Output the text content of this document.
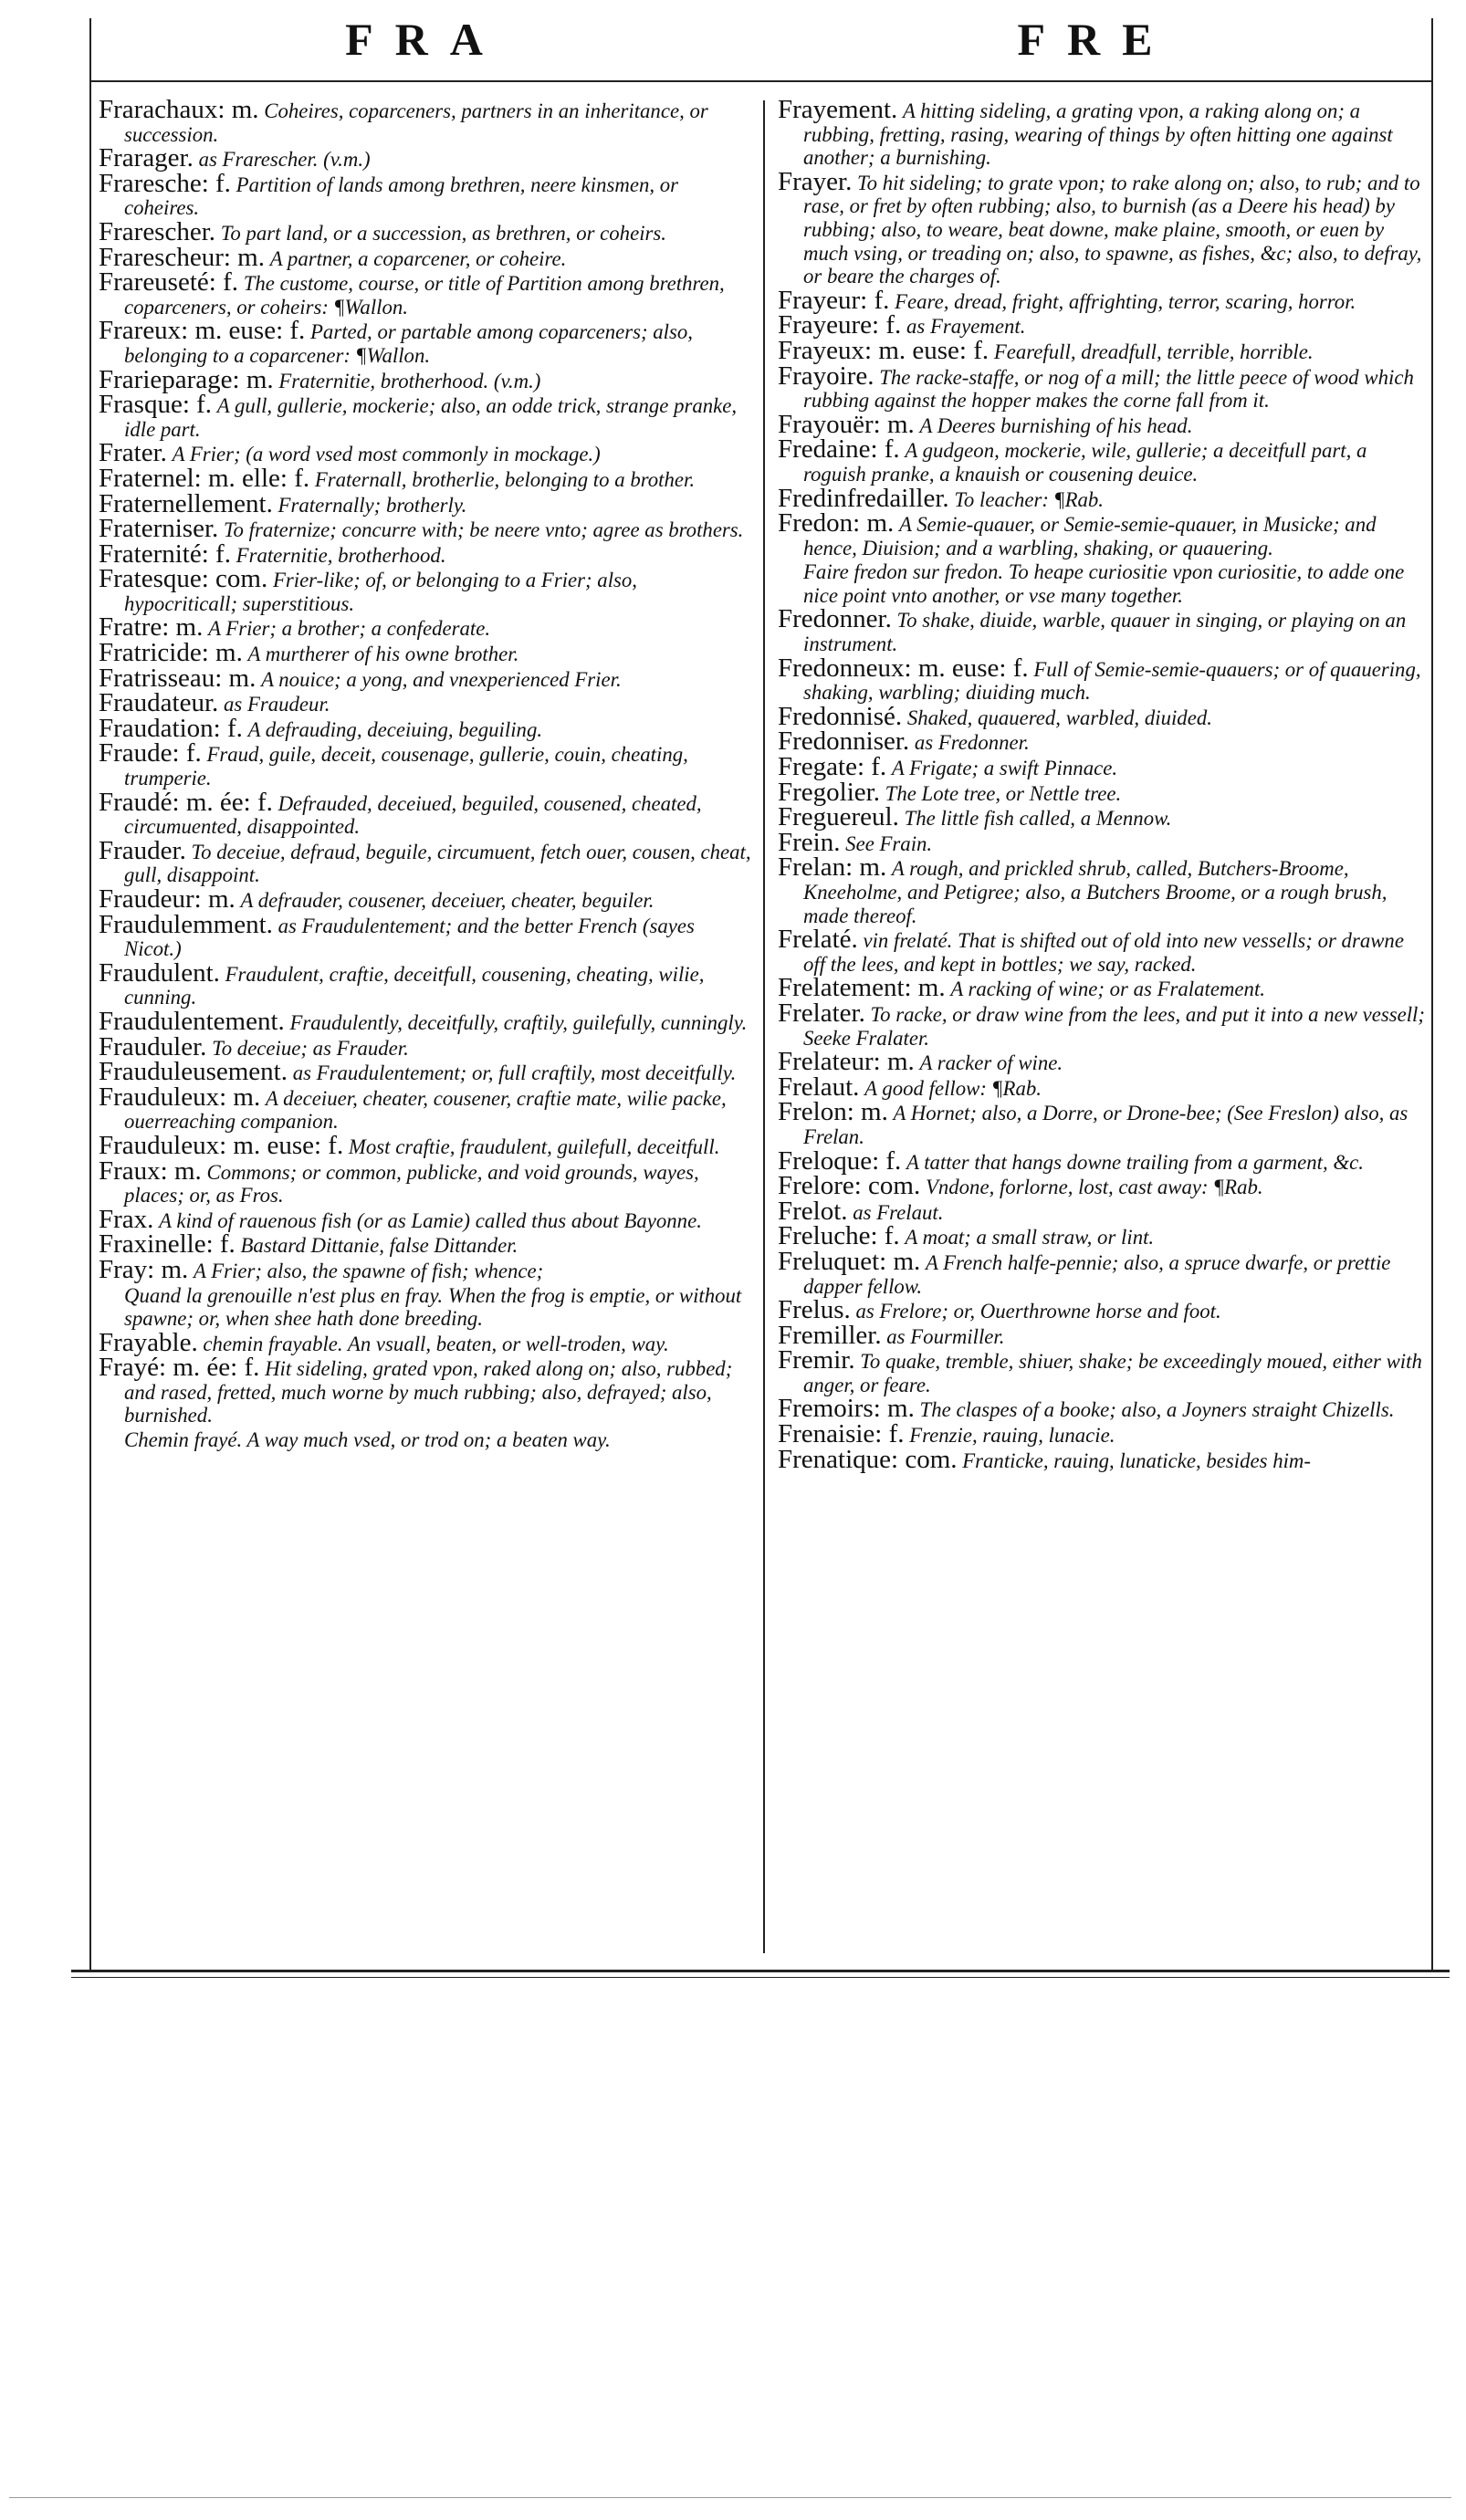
FRA	FRE
Frarachaux: m. Coheires, coparceners, partners in an inheritance, or succession.
Frarager. as Frarescher. (v.m.)
Fraresche: f. Partition of lands among brethren, neere kinsmen, or coheires.
Frarescher. To part land, or a succession, as brethren, or coheirs.
Frarescheur: m. A partner, a coparcener, or coheire.
Frareuseté: f. The custome, course, or title of Partition among brethren, coparceners, or coheirs: ¶Wallon.
Frareux: m. euse: f. Parted, or partable among coparceners; also, belonging to a coparcener: ¶Wallon.
Frarieparage: m. Fraternitie, brotherhood. (v.m.)
Frasque: f. A gull, gullerie, mockerie; also, an odde trick, strange pranke, idle part.
Frater. A Frier; (a word vsed most commonly in mockage.)
Fraternel: m. elle: f. Fraternall, brotherlie, belonging to a brother.
Fraternellement. Fraternally; brotherly.
Fraterniser. To fraternize; concurre with; be neere vnto; agree as brothers.
Fraternité: f. Fraternitie, brotherhood.
Fratesque: com. Frier-like; of, or belonging to a Frier; also, hypocriticall; superstitious.
Fratre: m. A Frier; a brother; a confederate.
Fratricide: m. A murtherer of his owne brother.
Fratrisseau: m. A nouice; a yong, and vnexperienced Frier.
Fraudateur. as Fraudeur.
Fraudation: f. A defrauding, deceiuing, beguiling.
Fraude: f. Fraud, guile, deceit, cousenage, gullerie, couin, cheating, trumperie.
Fraudé: m. ée: f. Defrauded, deceiued, beguiled, cousened, cheated, circumuented, disappointed.
Frauder. To deceiue, defraud, beguile, circumuent, fetch ouer, cousen, cheat, gull, disappoint.
Fraudeur: m. A defrauder, cousener, deceiuer, cheater, beguiler.
Fraudulemment. as Fraudulentement; and the better French (sayes Nicot.)
Fraudulent. Fraudulent, craftie, deceitfull, cousening, cheating, wilie, cunning.
Fraudulentement. Fraudulently, deceitfully, craftily, guilefully, cunningly.
Frauduler. To deceiue; as Frauder.
Frauduleusement. as Fraudulentement; or, full craftily, most deceitfully.
Frauduleux: m. A deceiuer, cheater, cousener, craftie mate, wilie packe, ouerreaching companion.
Frauduleux: m. euse: f. Most craftie, fraudulent, guilefull, deceitfull.
Fraux: m. Commons; or common, publicke, and void grounds, wayes, places; or, as Fros.
Frax. A kind of rauenous fish (or as Lamie) called thus about Bayonne.
Fraxinelle: f. Bastard Dittanie, false Dittander.
Fray: m. A Frier; also, the spawne of fish; whence;
Quand la grenouille n'est plus en fray. When the frog is emptie, or without spawne; or, when shee hath done breeding.
Frayable. chemin frayable. An vsuall, beaten, or well-troden, way.
Frayé: m. ée: f. Hit sideling, grated vpon, raked along on; also, rubbed; and rased, fretted, much worne by much rubbing; also, defrayed; also, burnished.
Chemin frayé. A way much vsed, or trod on; a beaten way.
Frayement. A hitting sideling, a grating vpon, a raking along on; a rubbing, fretting, rasing, wearing of things by often hitting one against another; a burnishing.
Frayer. To hit sideling; to grate vpon; to rake along on; also, to rub; and to rase, or fret by often rubbing; also, to burnish (as a Deere his head) by rubbing; also, to weare, beat downe, make plaine, smooth, or euen by much vsing, or treading on; also, to spawne, as fishes, &c; also, to defray, or beare the charges of.
Frayeur: f. Feare, dread, fright, affrighting, terror, scaring, horror.
Frayeure: f. as Frayement.
Frayeux: m. euse: f. Fearefull, dreadfull, terrible, horrible.
Frayoire. The racke-staffe, or nog of a mill; the little peece of wood which rubbing against the hopper makes the corne fall from it.
Frayouër: m. A Deeres burnishing of his head.
Fredaine: f. A gudgeon, mockerie, wile, gullerie; a deceitfull part, a roguish pranke, a knauish or cousening deuice.
Fredinfredailler. To leacher: ¶Rab.
Fredon: m. A Semie-quauer, or Semie-semie-quauer, in Musicke; and hence, Diuision; and a warbling, shaking, or quauering.
Faire fredon sur fredon. To heape curiositie vpon curiositie, to adde one nice point vnto another, or vse many together.
Fredonner. To shake, diuide, warble, quauer in singing, or playing on an instrument.
Fredonneux: m. euse: f. Full of Semie-semie-quauers; or of quauering, shaking, warbling; diuiding much.
Fredonnisé. Shaked, quauered, warbled, diuided.
Fredonniser. as Fredonner.
Fregate: f. A Frigate; a swift Pinnace.
Fregolier. The Lote tree, or Nettle tree.
Freguereul. The little fish called, a Mennow.
Frein. See Frain.
Frelan: m. A rough, and prickled shrub, called, Butchers-Broome, Kneeholme, and Petigree; also, a Butchers Broome, or a rough brush, made thereof.
Frelaté. vin frelaté. That is shifted out of old into new vessells; or drawne off the lees, and kept in bottles; we say, racked.
Frelatement: m. A racking of wine; or as Fralatement.
Frelater. To racke, or draw wine from the lees, and put it into a new vessell; Seeke Fralater.
Frelateur: m. A racker of wine.
Frelaut. A good fellow: ¶Rab.
Frelon: m. A Hornet; also, a Dorre, or Drone-bee; (See Freslon) also, as Frelan.
Freloque: f. A tatter that hangs downe trailing from a garment, &c.
Frelore: com. Vndone, forlorne, lost, cast away: ¶Rab.
Frelot. as Frelaut.
Freluche: f. A moat; a small straw, or lint.
Freluquet: m. A French halfe-pennie; also, a spruce dwarfe, or prettie dapper fellow.
Frelus. as Frelore; or, Ouerthrowne horse and foot.
Fremiller. as Fourmiller.
Fremir. To quake, tremble, shiuer, shake; be exceedingly moued, either with anger, or feare.
Fremoirs: m. The claspes of a booke; also, a Joyners straight Chizells.
Frenaisie: f. Frenzie, rauing, lunacie.
Frenatique: com. Franticke, rauing, lunaticke, besides him-
